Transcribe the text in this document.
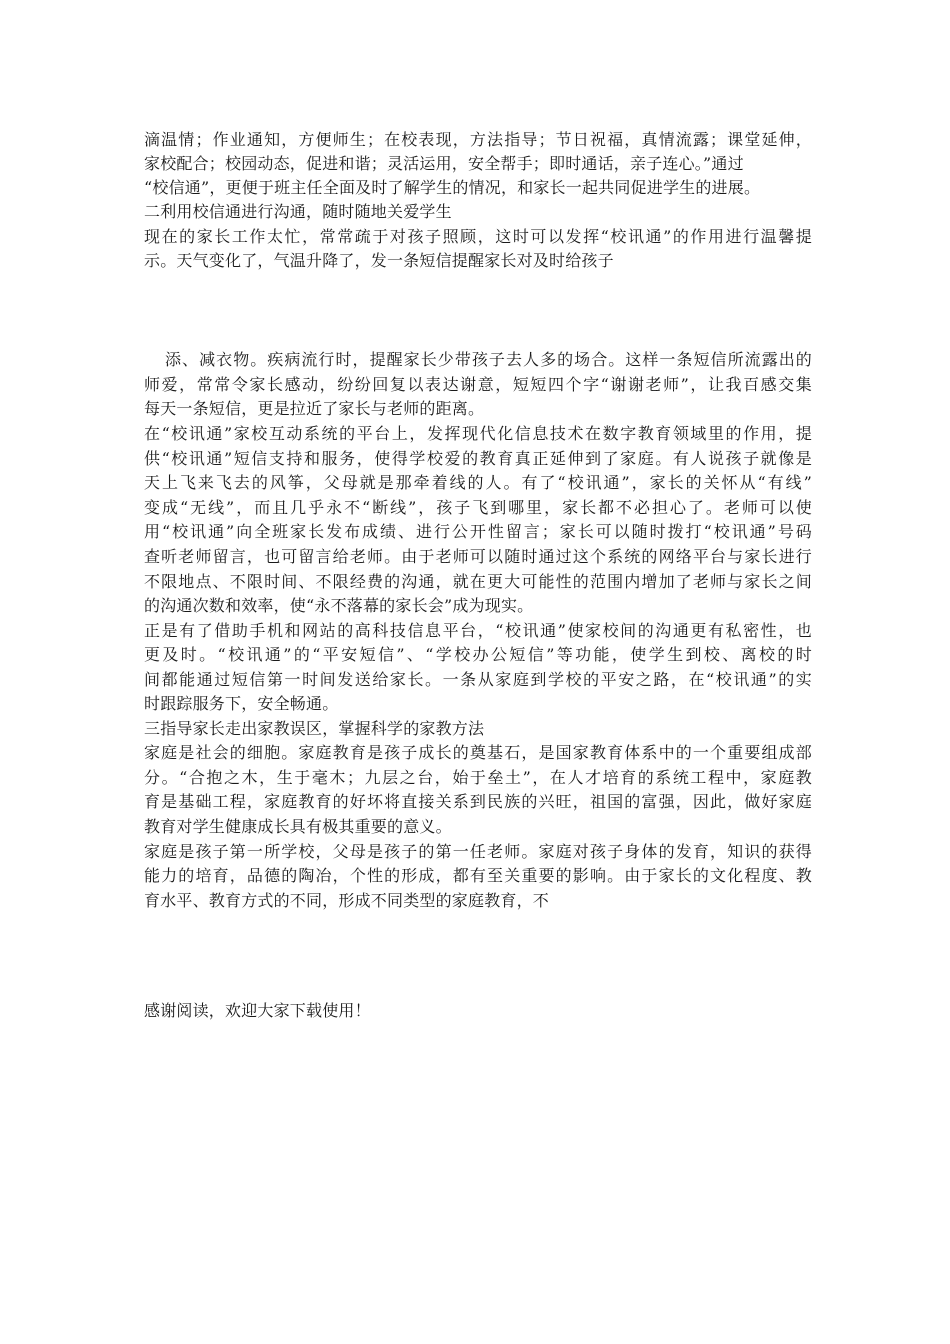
滴温情；作业通知，方便师生；在校表现，方法指导；节日祝福，真情流露；课堂延伸，
家校配合；校园动态，促进和谐；灵活运用，安全帮手；即时通话，亲子连心。”通过
“校信通”，更便于班主任全面及时了解学生的情况，和家长一起共同促进学生的进展。
二利用校信通进行沟通，随时随地关爱学生
现在的家长工作太忙，常常疏于对孩子照顾，这时可以发挥“校讯通”的作用进行温馨提
示。天气变化了，气温升降了，发一条短信提醒家长对及时给孩子
添、减衣物。疾病流行时，提醒家长少带孩子去人多的场合。这样一条短信所流露出的
师爱，常常令家长感动，纷纷回复以表达谢意，短短四个字“谢谢老师”，让我百感交集
每天一条短信，更是拉近了家长与老师的距离。
在“校讯通”家校互动系统的平台上，发挥现代化信息技术在数字教育领域里的作用，提
供“校讯通”短信支持和服务，使得学校爱的教育真正延伸到了家庭。有人说孩子就像是
天上飞来飞去的风筝，父母就是那牵着线的人。有了“校讯通”，家长的关怀从“有线”
变成“无线”，而且几乎永不“断线”，孩子飞到哪里，家长都不必担心了。老师可以使
用“校讯通”向全班家长发布成绩、进行公开性留言；家长可以随时拨打“校讯通”号码
查听老师留言，也可留言给老师。由于老师可以随时通过这个系统的网络平台与家长进行
不限地点、不限时间、不限经费的沟通，就在更大可能性的范围内增加了老师与家长之间
的沟通次数和效率，使“永不落幕的家长会”成为现实。
正是有了借助手机和网站的高科技信息平台，“校讯通”使家校间的沟通更有私密性，也
更及时。“校讯通”的“平安短信”、“学校办公短信”等功能，使学生到校、离校的时
间都能通过短信第一时间发送给家长。一条从家庭到学校的平安之路，在“校讯通”的实
时跟踪服务下，安全畅通。
三指导家长走出家教误区，掌握科学的家教方法
家庭是社会的细胞。家庭教育是孩子成长的奠基石，是国家教育体系中的一个重要组成部
分。“合抱之木，生于毫木；九层之台，始于垒土”，在人才培育的系统工程中，家庭教
育是基础工程，家庭教育的好坏将直接关系到民族的兴旺，祖国的富强，因此，做好家庭
教育对学生健康成长具有极其重要的意义。
家庭是孩子第一所学校，父母是孩子的第一任老师。家庭对孩子身体的发育，知识的获得
能力的培育，品德的陶冶，个性的形成，都有至关重要的影响。由于家长的文化程度、教
育水平、教育方式的不同，形成不同类型的家庭教育，不
感谢阅读，欢迎大家下载使用！
